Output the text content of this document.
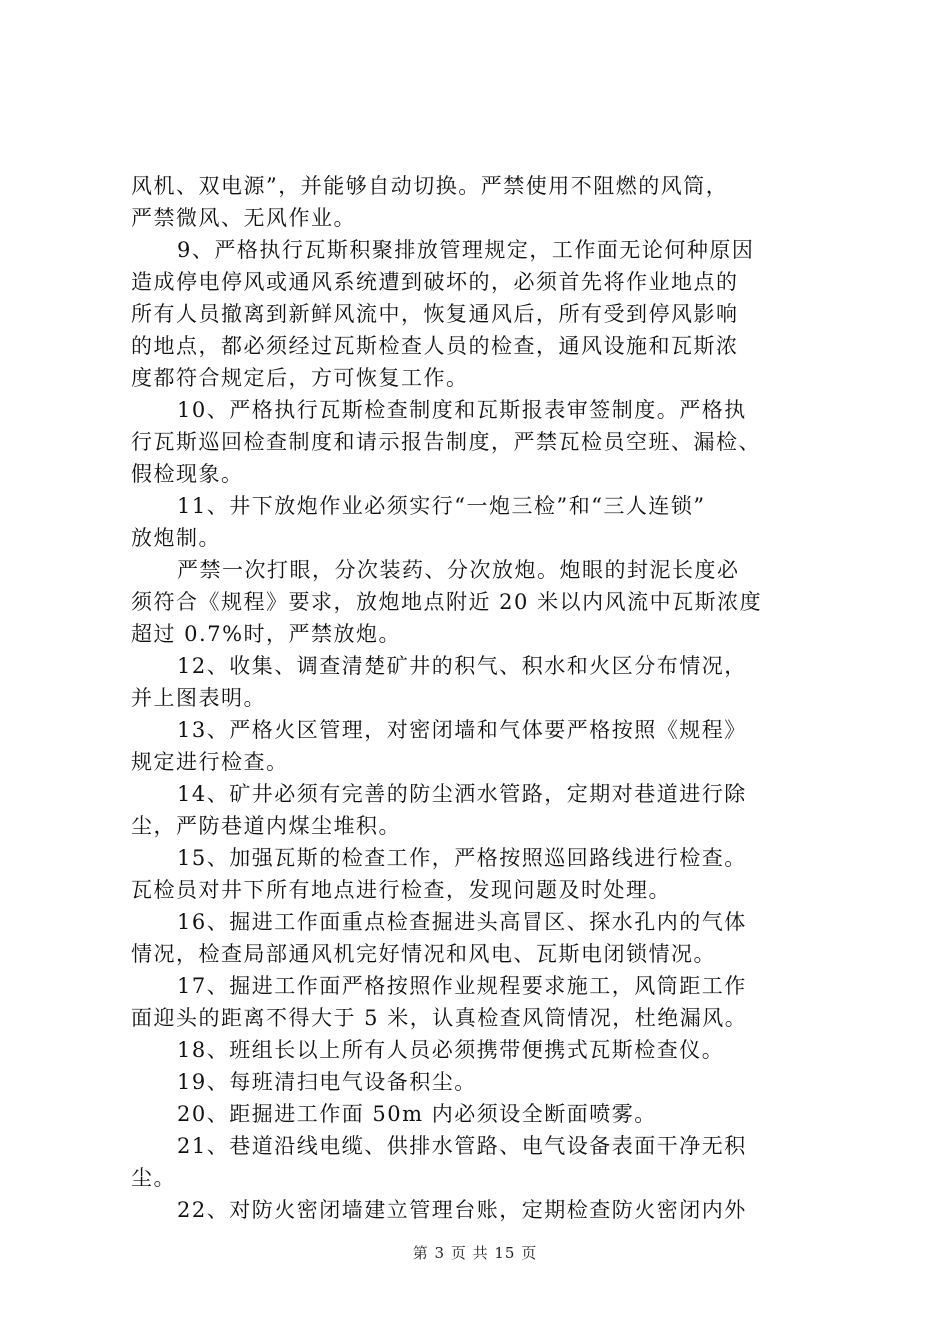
风机、双电源”，并能够自动切换。严禁使用不阻燃的风筒，
严禁微风、无风作业。
9、严格执行瓦斯积聚排放管理规定，工作面无论何种原因
造成停电停风或通风系统遭到破坏的，必须首先将作业地点的
所有人员撤离到新鲜风流中，恢复通风后，所有受到停风影响
的地点，都必须经过瓦斯检查人员的检查，通风设施和瓦斯浓
度都符合规定后，方可恢复工作。
10、严格执行瓦斯检查制度和瓦斯报表审签制度。严格执
行瓦斯巡回检查制度和请示报告制度，严禁瓦检员空班、漏检、
假检现象。
11、井下放炮作业必须实行“一炮三检”和“三人连锁”
放炮制。
严禁一次打眼，分次装药、分次放炮。炮眼的封泥长度必
须符合《规程》要求，放炮地点附近 20 米以内风流中瓦斯浓度
超过 0.7%时，严禁放炮。
12、收集、调查清楚矿井的积气、积水和火区分布情况，
并上图表明。
13、严格火区管理，对密闭墙和气体要严格按照《规程》
规定进行检查。
14、矿井必须有完善的防尘洒水管路，定期对巷道进行除
尘，严防巷道内煤尘堆积。
15、加强瓦斯的检查工作，严格按照巡回路线进行检查。
瓦检员对井下所有地点进行检查，发现问题及时处理。
16、掘进工作面重点检查掘进头高冒区、探水孔内的气体
情况，检查局部通风机完好情况和风电、瓦斯电闭锁情况。
17、掘进工作面严格按照作业规程要求施工，风筒距工作
面迎头的距离不得大于 5 米，认真检查风筒情况，杜绝漏风。
18、班组长以上所有人员必须携带便携式瓦斯检查仪。
19、每班清扫电气设备积尘。
20、距掘进工作面 50m 内必须设全断面喷雾。
21、巷道沿线电缆、供排水管路、电气设备表面干净无积
尘。
22、对防火密闭墙建立管理台账，定期检查防火密闭内外
第 3 页 共 15 页
